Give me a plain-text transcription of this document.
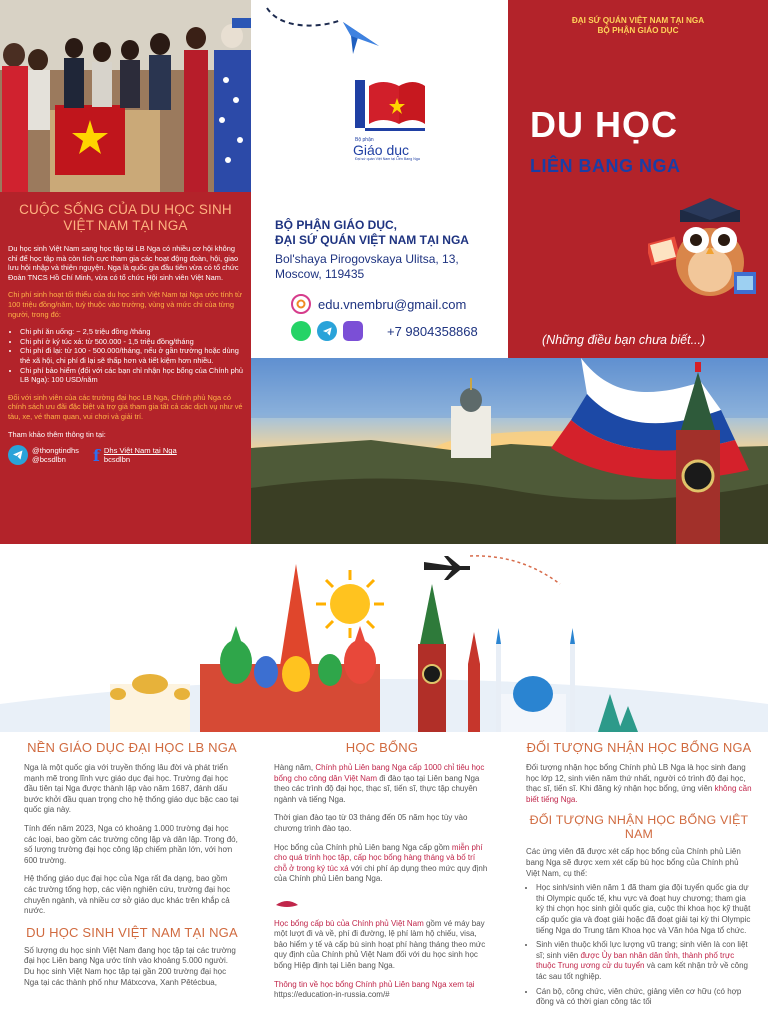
CUỘC SỐNG CỦA DU HỌC SINH VIỆT NAM TẠI NGA

Du học sinh Việt Nam sang học tập tại LB Nga có nhiều cơ hội không chỉ để học tập mà còn tích cực tham gia các hoạt động đoàn, hội, giao lưu hội nhập và thiện nguyện. Nga là quốc gia đầu tiên vừa có tổ chức Đoàn TNCS Hồ Chí Minh, vừa có tổ chức Hội sinh viên Việt Nam.

Chi phí sinh hoạt tối thiểu của du học sinh Việt Nam tại Nga ước tính từ 100 triệu đồng/năm, tuỳ thuộc vào trường, vùng và mức chi của từng người, trong đó:

• Chi phí ăn uống: ~ 2,5 triệu đồng /tháng
• Chi phí ở ký túc xá: từ 500.000 - 1,5 triệu đồng/tháng
• Chi phí đi lại: từ 100 - 500.000/tháng, nếu ở gần trường hoặc dùng thẻ xã hội, chi phí đi lại sẽ thấp hơn và tiết kiệm hơn nhiều.
• Chi phí bảo hiểm (đối với các bạn chỉ nhận học bổng của Chính phủ LB Nga): 100 USD/năm

Đối với sinh viên của các trường đại học LB Nga, Chính phủ Nga có chính sách ưu đãi đặc biệt và trợ giá tham gia tất cả các dịch vụ như vé tàu, xe, vé tham quan, vui chơi và giải trí.

Tham khảo thêm thông tin tại:

@thongtindhs
@bcsdlbn	f Dhs Việt Nam tại Nga
bcsdlbn
Bộ phận
Giáo dục
Đại sứ quán Việt Nam tại Liên Bang Nga
BỘ PHẬN GIÁO DỤC,
ĐẠI SỨ QUÁN VIỆT NAM TẠI NGA
Bol'shaya Pirogovskaya Ulitsa, 13, Moscow, 119435
edu.vnembru@gmail.com
+7 9804358868
ĐẠI SỨ QUÁN VIỆT NAM TẠI NGA
BỘ PHẬN GIÁO DỤC
DU HỌC
LIÊN BANG NGA
(Những điều bạn chưa biết...)
NỀN GIÁO DỤC ĐẠI HỌC LB NGA

Nga là một quốc gia với truyền thống lâu đời và phát triển mạnh mẽ trong lĩnh vực giáo dục đại học. Trường đại học đầu tiên tại Nga được thành lập vào năm 1687, đánh dấu bước khởi đầu quan trọng cho hệ thống giáo dục bậc cao tại quốc gia này.

Tính đến năm 2023, Nga có khoảng 1.000 trường đại học các loại, bao gồm các trường công lập và dân lập. Trong đó, số lượng trường đại học công lập chiếm phần lớn, với hơn 600 trường.

Hệ thống giáo dục đại học của Nga rất đa dạng, bao gồm các trường tổng hợp, các viện nghiên cứu, trường đại học chuyên ngành, và nhiều cơ sở giáo dục khác trên khắp cả nước.

DU HỌC SINH VIỆT NAM TẠI NGA

Số lượng du học sinh Việt Nam đang học tập tại các trường đại học Liên bang Nga ước tính vào khoảng 5.000 người. Du học sinh Việt Nam học tập tại gần 200 trường đại học Nga tại các thành phố như Mátxcơva, Xanh Pêtécbua,

HỌC BỔNG

Hàng năm, Chính phủ Liên bang Nga cấp 1000 chỉ tiêu học bổng cho công dân Việt Nam đi đào tạo tại Liên bang Nga theo các trình độ đại học, thạc sĩ, tiến sĩ, thực tập chuyên ngành và tiếng Nga.

Thời gian đào tạo từ 03 tháng đến 05 năm học tùy vào chương trình đào tạo.

Học bổng của Chính phủ Liên bang Nga cấp gồm miễn phí cho quá trình học tập, cấp học bổng hàng tháng và bố trí chỗ ở trong ký túc xá với chi phí áp dụng theo mức quy định của Chính phủ Liên bang Nga.

Học bổng cấp bù của Chính phủ Việt Nam gồm vé máy bay một lượt đi và về, phí đi đường, lệ phí làm hộ chiếu, visa, bảo hiểm y tế và cấp bù sinh hoạt phí hàng tháng theo mức quy định của Chính phủ Việt Nam đối với du học sinh học bổng Hiệp định tại Liên bang Nga.

Thông tin về học bổng Chính phủ Liên bang Nga xem tại https://education-in-russia.com/#

ĐỐI TƯỢNG NHẬN HỌC BỔNG NGA

Đối tượng nhận học bổng Chính phủ LB Nga là học sinh đang học lớp 12, sinh viên năm thứ nhất, người có trình độ đại học, thạc sĩ, tiến sĩ. Khi đăng ký nhận học bổng, ứng viên không cần biết tiếng Nga.

ĐỐI TƯỢNG NHẬN HỌC BỔNG VIỆT NAM

Các ứng viên đã được xét cấp học bổng của Chính phủ Liên bang Nga sẽ được xem xét cấp bù học bổng của Chính phủ Việt Nam, cụ thể:

• Học sinh/sinh viên năm 1 đã tham gia đội tuyển quốc gia dự thi Olympic quốc tế, khu vực và đoạt huy chương; tham gia kỳ thi chọn học sinh giỏi quốc gia, cuộc thi khoa học kỹ thuật cấp quốc gia và đoạt giải hoặc đã đoạt giải tại kỳ thi Olympic tiếng Nga do Trung tâm Khoa học và Văn hóa Nga tổ chức.
• Sinh viên thuộc khối lực lượng vũ trang; sinh viên là con liệt sĩ; sinh viên được Ủy ban nhân dân tỉnh, thành phố trực thuộc Trung ương cử du tuyển và cam kết nhận trở về công tác sau tốt nghiệp.
• Cán bộ, công chức, viên chức, giảng viên cơ hữu (có hợp đồng và có thời gian công tác tối
